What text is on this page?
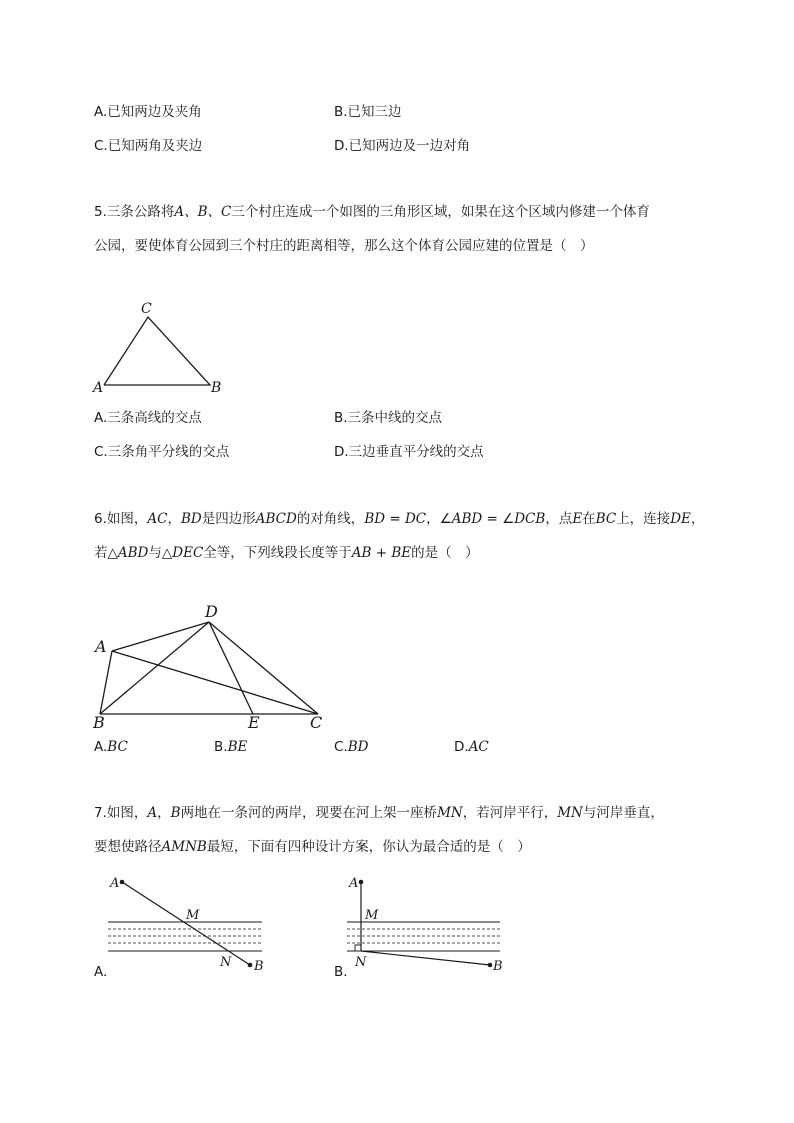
A.已知两边及夹角	B.已知三边
C.已知两角及夹边	D.已知两边及一边对角
5.三条公路将A、B、C三个村庄连成一个如图的三角形区域，如果在这个区域内修建一个体育
公园，要使体育公园到三个村庄的距离相等，那么这个体育公园应建的位置是（　）
C
A	B
A.三条高线的交点	B.三条中线的交点
C.三条角平分线的交点	D.三边垂直平分线的交点
6.如图，AC，BD是四边形ABCD的对角线，BD = DC，∠ABD = ∠DCB，点E在BC上，连接DE，
若△ABD与△DEC全等，下列线段长度等于AB + BE的是（　）
D
A
B	E	C
A.BC	B.BE	C.BD	D.AC
7.如图，A，B两地在一条河的两岸，现要在河上架一座桥MN，若河岸平行，MN与河岸垂直，
要想使路径AMNB最短，下面有四种设计方案，你认为最合适的是（　）
A
M
N B
A.
A
M
N	B
B.
